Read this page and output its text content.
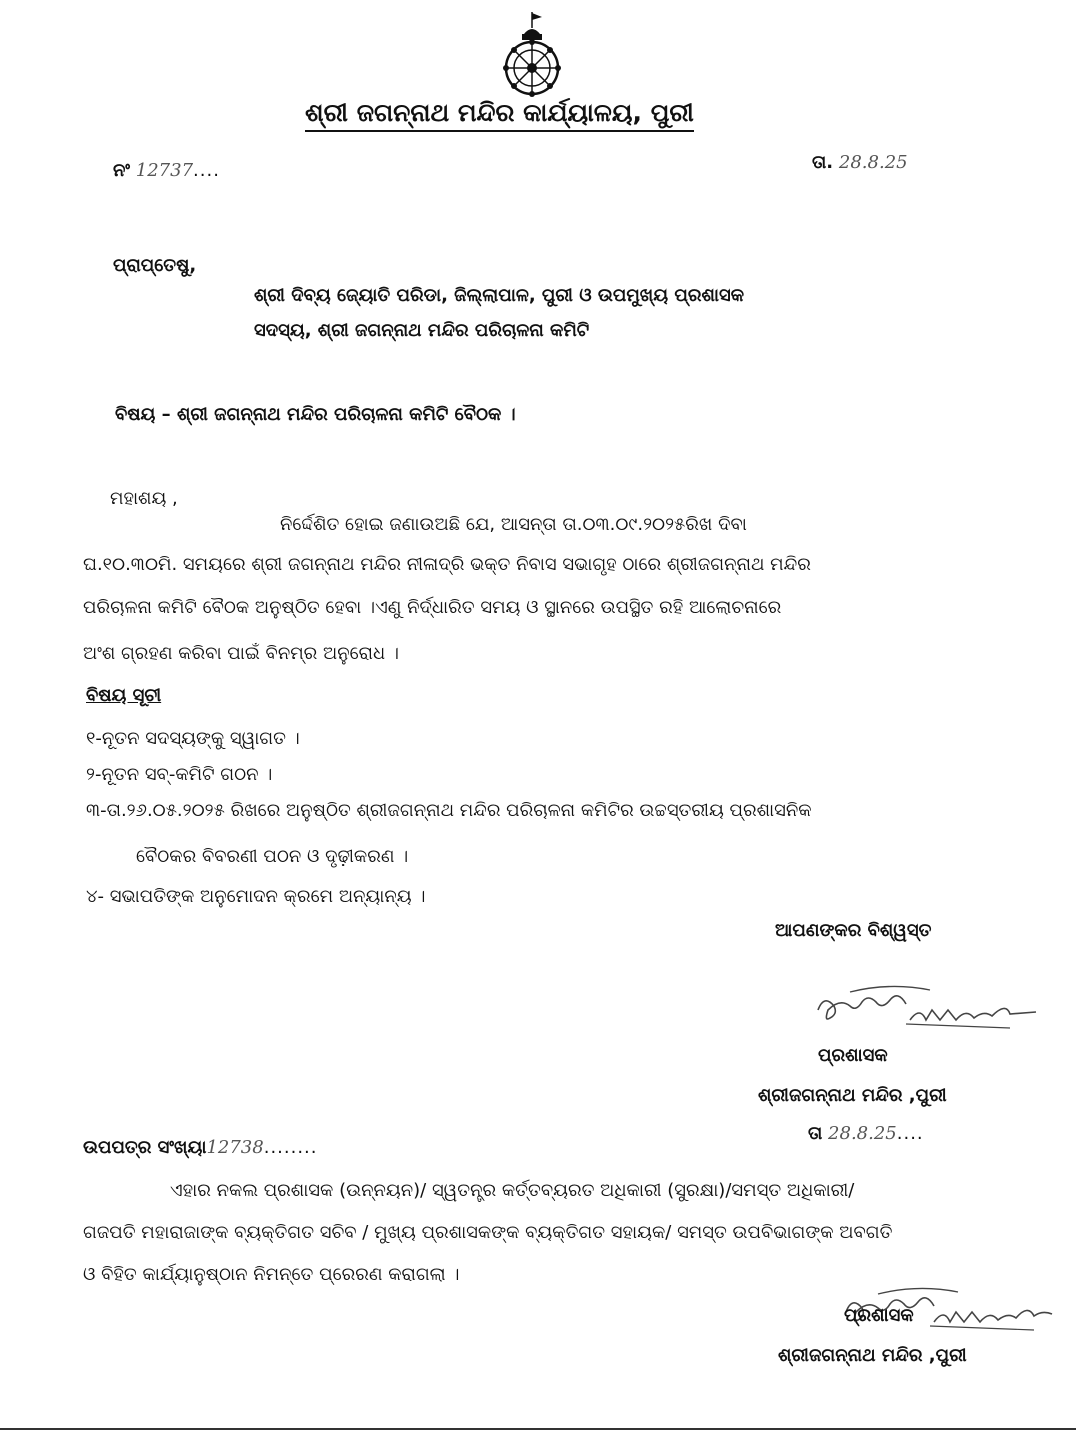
ଶ୍ରୀ ଜଗନ୍ନାଥ ମନ୍ଦିର କାର୍ଯ୍ୟାଳୟ, ପୁରୀ
ନଂ 12737....	ତା. 28.8.25
ପ୍ରାପ୍ତେଷୁ,
ଶ୍ରୀ ଦିବ୍ୟ ଜ୍ୟୋତି ପରିଡା, ଜିଲ୍ଲାପାଳ, ପୁରୀ ଓ ଉପମୁଖ୍ୟ ପ୍ରଶାସକ
ସଦସ୍ୟ, ଶ୍ରୀ ଜଗନ୍ନାଥ ମନ୍ଦିର ପରିଚାଳନା କମିଟି
ବିଷୟ – ଶ୍ରୀ ଜଗନ୍ନାଥ ମନ୍ଦିର ପରିଚାଳନା କମିଟି ବୈଠକ ।
ମହାଶୟ ,
ନିର୍ଦ୍ଦେଶିତ ହୋଇ ଜଣାଉଅଛି ଯେ, ଆସନ୍ତା ତା.୦୩.୦୯.୨୦୨୫ରିଖ ଦିବା
ଘ.୧୦.୩୦ମି. ସମୟରେ ଶ୍ରୀ ଜଗନ୍ନାଥ ମନ୍ଦିର ନୀଳାଦ୍ରି ଭକ୍ତ ନିବାସ ସଭାଗୃହ ଠାରେ ଶ୍ରୀଜଗନ୍ନାଥ ମନ୍ଦିର
ପରିଚାଳନା କମିଟି ବୈଠକ ଅନୁଷ୍ଠିତ ହେବା ।ଏଣୁ ନିର୍ଦ୍ଧାରିତ ସମୟ ଓ ସ୍ଥାନରେ ଉପସ୍ଥିତ ରହି ଆଲୋଚନାରେ
ଅଂଶ ଗ୍ରହଣ କରିବା ପାଇଁ ବିନମ୍ର ଅନୁରୋଧ ।
ବିଷୟ ସୂଚୀ
୧-ନୂତନ ସଦସ୍ୟଙ୍କୁ ସ୍ୱାଗତ ।
୨-ନୂତନ ସବ୍-କମିଟି ଗଠନ ।
୩-ତା.୨୬.୦୫.୨୦୨୫ ରିଖରେ ଅନୁଷ୍ଠିତ ଶ୍ରୀଜଗନ୍ନାଥ ମନ୍ଦିର ପରିଚାଳନା କମିଟିର ଉଚ୍ଚସ୍ତରୀୟ ପ୍ରଶାସନିକ
ବୈଠକର ବିବରଣୀ ପଠନ ଓ ଦୃଢ଼ୀକରଣ ।
୪- ସଭାପତିଙ୍କ ଅନୁମୋଦନ କ୍ରମେ ଅନ୍ୟାନ୍ୟ ।
ଆପଣଙ୍କର ବିଶ୍ୱସ୍ତ
ପ୍ରଶାସକ
ଶ୍ରୀଜଗନ୍ନାଥ ମନ୍ଦିର ,ପୁରୀ
ତା 28.8.25....
ଉପପତ୍ର ସଂଖ୍ୟା12738........
ଏହାର ନକଲ ପ୍ରଶାସକ (ଉନ୍ନୟନ)/ ସ୍ୱତନ୍ତ୍ର କର୍ତ୍ତବ୍ୟରତ ଅଧିକାରୀ (ସୁରକ୍ଷା)/ସମସ୍ତ ଅଧିକାରୀ/
ଗଜପତି ମହାରାଜାଙ୍କ ବ୍ୟକ୍ତିଗତ ସଚିବ / ମୁଖ୍ୟ ପ୍ରଶାସକଙ୍କ ବ୍ୟକ୍ତିଗତ ସହାୟକ/ ସମସ୍ତ ଉପବିଭାଗଙ୍କ ଅବଗତି
ଓ ବିହିତ କାର୍ଯ୍ୟାନୁଷ୍ଠାନ ନିମନ୍ତେ ପ୍ରେରଣ କରାଗଲା ।
ପ୍ରଶାସକ
ଶ୍ରୀଜଗନ୍ନାଥ ମନ୍ଦିର ,ପୁରୀ
